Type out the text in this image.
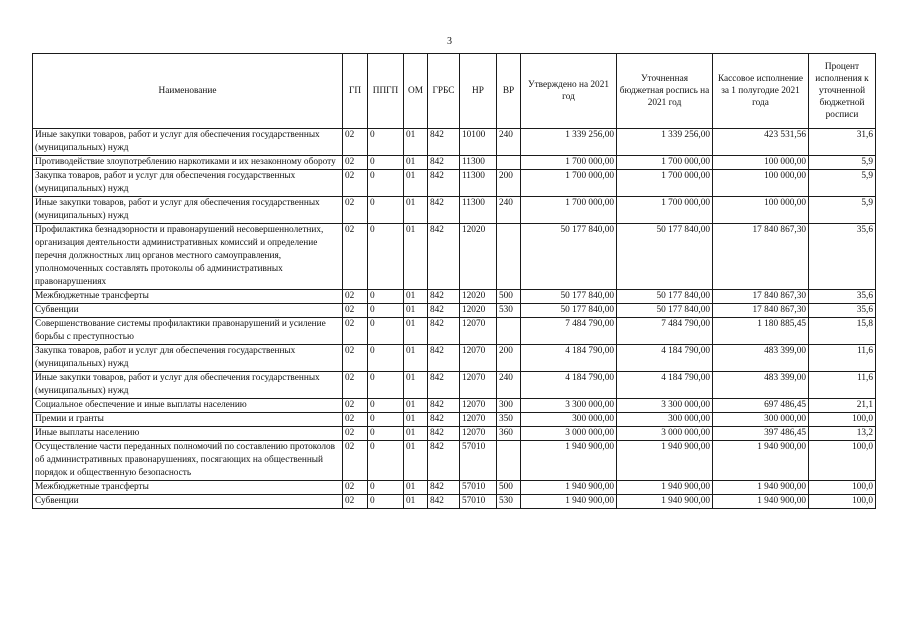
3
Наименование	ГП	ППГП	ОМ	ГРБС	НР	ВР	Утверждено на 2021 год	Уточненная бюджетная роспись на 2021 год	Кассовое исполнение за 1 полугодие 2021 года	Процент исполнения к уточненной бюджетной росписи
Иные закупки товаров, работ и услуг для обеспечения государственных (муниципальных) нужд	02	0	01	842	10100	240	1 339 256,00	1 339 256,00	423 531,56	31,6
Противодействие злоупотреблению наркотиками и их незаконному обороту	02	0	01	842	11300		1 700 000,00	1 700 000,00	100 000,00	5,9
Закупка товаров, работ и услуг для обеспечения государственных (муниципальных) нужд	02	0	01	842	11300	200	1 700 000,00	1 700 000,00	100 000,00	5,9
Иные закупки товаров, работ и услуг для обеспечения государственных (муниципальных) нужд	02	0	01	842	11300	240	1 700 000,00	1 700 000,00	100 000,00	5,9
Профилактика безнадзорности и правонарушений несовершеннолетних, организация деятельности административных комиссий и определение перечня должностных лиц органов местного самоуправления, уполномоченных составлять протоколы об административных правонарушениях	02	0	01	842	12020		50 177 840,00	50 177 840,00	17 840 867,30	35,6
Межбюджетные трансферты	02	0	01	842	12020	500	50 177 840,00	50 177 840,00	17 840 867,30	35,6
Субвенции	02	0	01	842	12020	530	50 177 840,00	50 177 840,00	17 840 867,30	35,6
Совершенствование системы профилактики правонарушений и усиление борьбы с преступностью	02	0	01	842	12070		7 484 790,00	7 484 790,00	1 180 885,45	15,8
Закупка товаров, работ и услуг для обеспечения государственных (муниципальных) нужд	02	0	01	842	12070	200	4 184 790,00	4 184 790,00	483 399,00	11,6
Иные закупки товаров, работ и услуг для обеспечения государственных (муниципальных) нужд	02	0	01	842	12070	240	4 184 790,00	4 184 790,00	483 399,00	11,6
Социальное обеспечение и иные выплаты населению	02	0	01	842	12070	300	3 300 000,00	3 300 000,00	697 486,45	21,1
Премии и гранты	02	0	01	842	12070	350	300 000,00	300 000,00	300 000,00	100,0
Иные выплаты населению	02	0	01	842	12070	360	3 000 000,00	3 000 000,00	397 486,45	13,2
Осуществление части переданных полномочий по составлению протоколов об административных правонарушениях, посягающих на общественный порядок и общественную безопасность	02	0	01	842	57010		1 940 900,00	1 940 900,00	1 940 900,00	100,0
Межбюджетные трансферты	02	0	01	842	57010	500	1 940 900,00	1 940 900,00	1 940 900,00	100,0
Субвенции	02	0	01	842	57010	530	1 940 900,00	1 940 900,00	1 940 900,00	100,0
